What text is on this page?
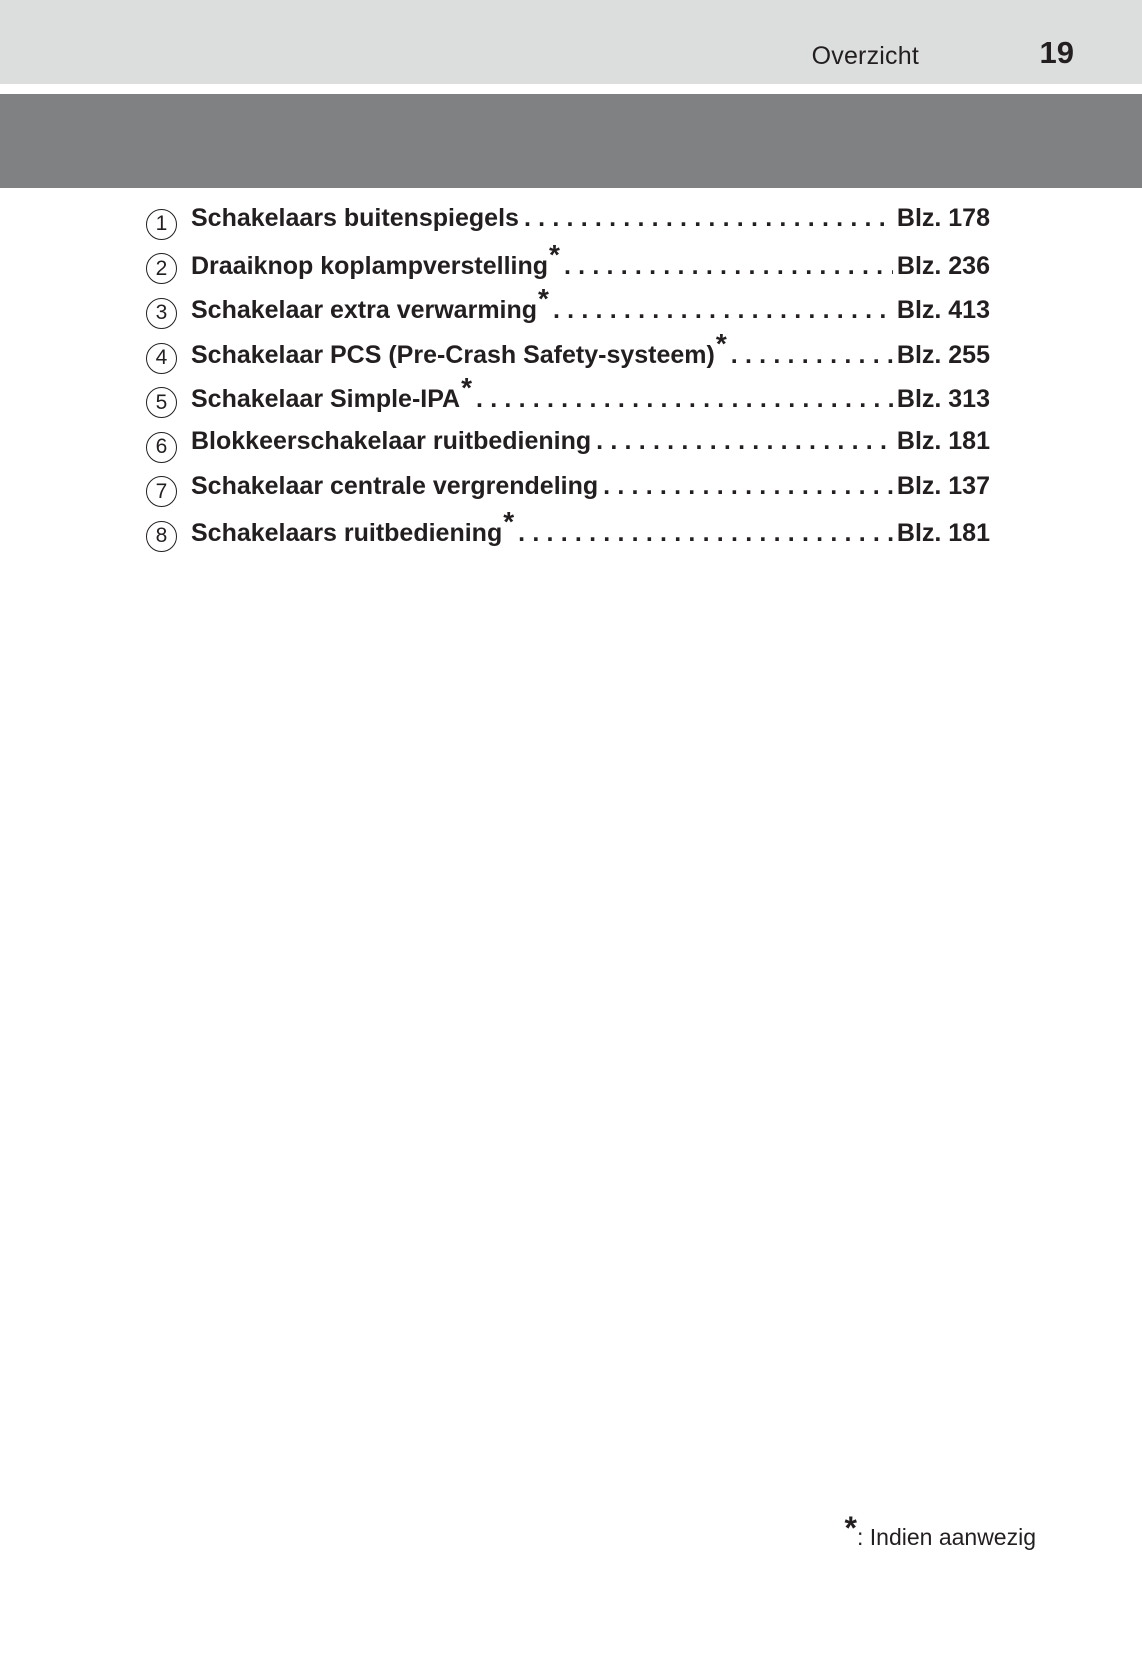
Overzicht	19
1 Schakelaars buitenspiegels . . .	Blz. 178
2 Draaiknop koplampverstelling * . . .	Blz. 236
3 Schakelaar extra verwarming * . . .	Blz. 413
4 Schakelaar PCS (Pre-Crash Safety-systeem) * . . .	Blz. 255
5 Schakelaar Simple-IPA * . . .	Blz. 313
6 Blokkeerschakelaar ruitbediening . . .	Blz. 181
7 Schakelaar centrale vergrendeling . . .	Blz. 137
8 Schakelaars ruitbediening * . . .	Blz. 181
*: Indien aanwezig
